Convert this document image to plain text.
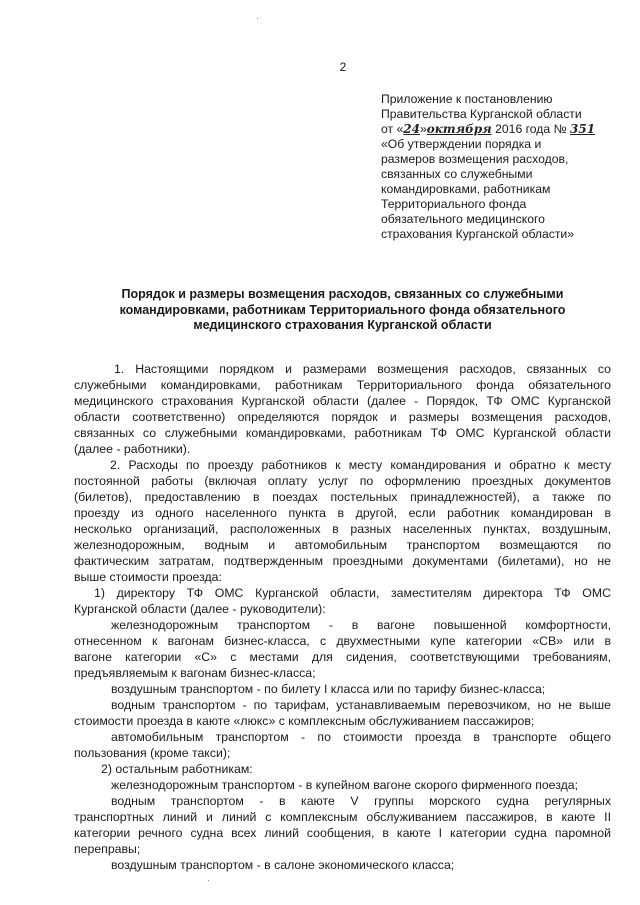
2
Приложение к постановлению
Правительства Курганской области
от «24»октября 2016 года № 351
«Об утверждении порядка и
размеров возмещения расходов,
связанных со служебными
командировками, работникам
Территориального фонда
обязательного медицинского
страхования Курганской области»
Порядок и размеры возмещения расходов, связанных со служебными
командировками, работникам Территориального фонда обязательного
медицинского страхования Курганской области
1. Настоящими порядком и размерами возмещения расходов, связанных со
служебными командировками, работникам Территориального фонда обязательного
медицинского страхования Курганской области (далее - Порядок, ТФ ОМС Курганской
области соответственно) определяются порядок и размеры возмещения расходов,
связанных со служебными командировками, работникам ТФ ОМС Курганской области
(далее - работники).
2. Расходы по проезду работников к месту командирования и обратно к месту
постоянной работы (включая оплату услуг по оформлению проездных документов
(билетов), предоставлению в поездах постельных принадлежностей), а также по
проезду из одного населенного пункта в другой, если работник командирован в
несколько организаций, расположенных в разных населенных пунктах, воздушным,
железнодорожным, водным и автомобильным транспортом возмещаются по
фактическим затратам, подтвержденным проездными документами (билетами), но не
выше стоимости проезда:
1) директору ТФ ОМС Курганской области, заместителям директора ТФ ОМС
Курганской области (далее - руководители):
железнодорожным транспортом - в вагоне повышенной комфортности,
отнесенном к вагонам бизнес-класса, с двухместными купе категории «СВ» или в
вагоне категории «С» с местами для сидения, соответствующими требованиям,
предъявляемым к вагонам бизнес-класса;
воздушным транспортом - по билету I класса или по тарифу бизнес-класса;
водным транспортом - по тарифам, устанавливаемым перевозчиком, но не выше
стоимости проезда в каюте «люкс» с комплексным обслуживанием пассажиров;
автомобильным транспортом - по стоимости проезда в транспорте общего
пользования (кроме такси);
2) остальным работникам:
железнодорожным транспортом - в купейном вагоне скорого фирменного поезда;
водным транспортом - в каюте V группы морского судна регулярных
транспортных линий и линий с комплексным обслуживанием пассажиров, в каюте II
категории речного судна всех линий сообщения, в каюте I категории судна паромной
переправы;
воздушным транспортом - в салоне экономического класса;
